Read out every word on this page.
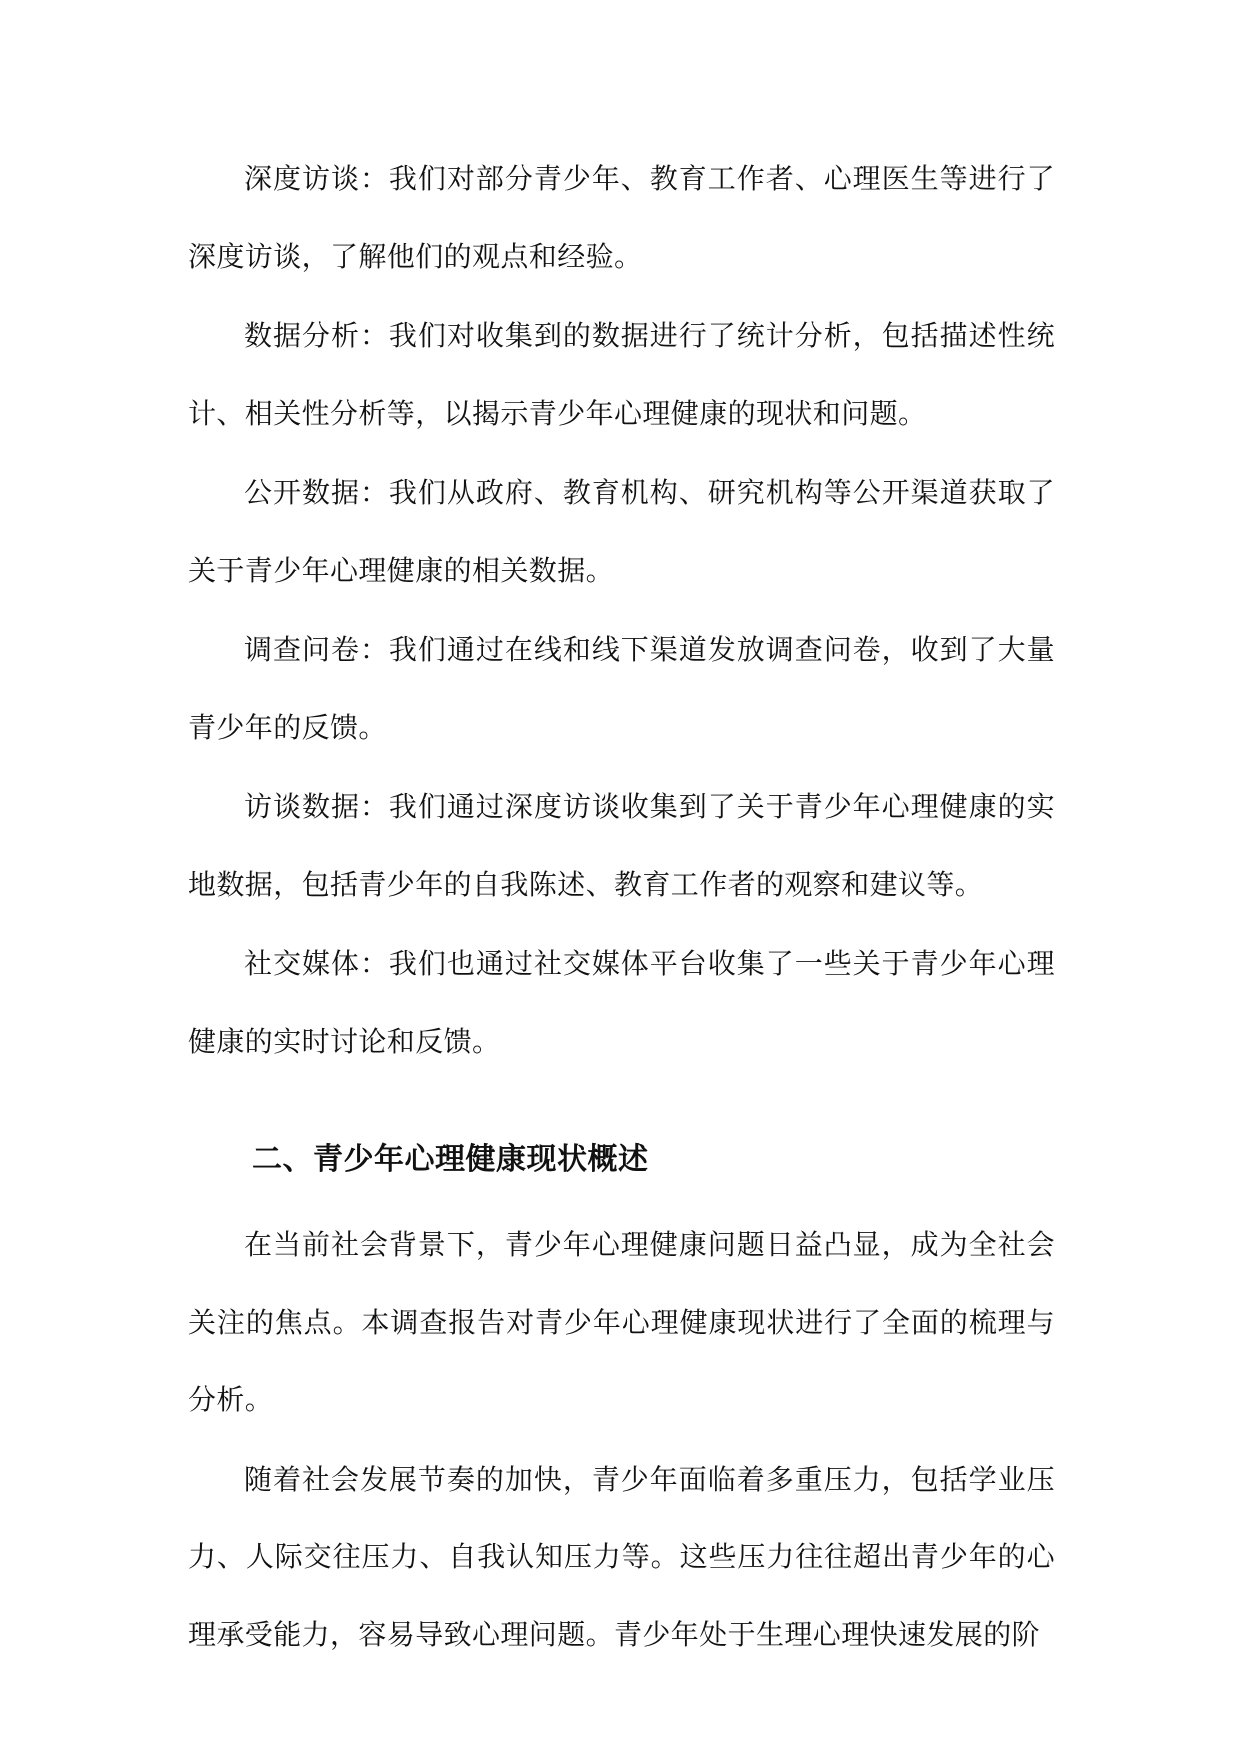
深度访谈：我们对部分青少年、教育工作者、心理医生等进行了深度访谈，了解他们的观点和经验。

数据分析：我们对收集到的数据进行了统计分析，包括描述性统计、相关性分析等，以揭示青少年心理健康的现状和问题。

公开数据：我们从政府、教育机构、研究机构等公开渠道获取了关于青少年心理健康的相关数据。

调查问卷：我们通过在线和线下渠道发放调查问卷，收到了大量青少年的反馈。

访谈数据：我们通过深度访谈收集到了关于青少年心理健康的实地数据，包括青少年的自我陈述、教育工作者的观察和建议等。

社交媒体：我们也通过社交媒体平台收集了一些关于青少年心理健康的实时讨论和反馈。

二、青少年心理健康现状概述

在当前社会背景下，青少年心理健康问题日益凸显，成为全社会关注的焦点。本调查报告对青少年心理健康现状进行了全面的梳理与分析。

随着社会发展节奏的加快，青少年面临着多重压力，包括学业压力、人际交往压力、自我认知压力等。这些压力往往超出青少年的心理承受能力，容易导致心理问题。青少年处于生理心理快速发展的阶
